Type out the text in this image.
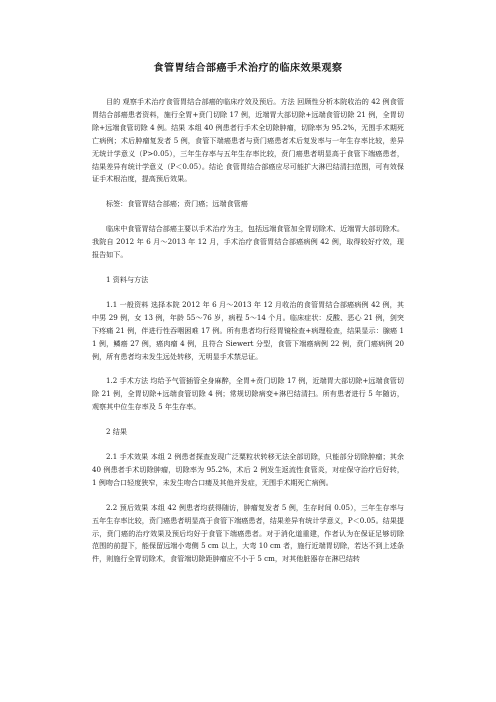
食管胃结合部癌手术治疗的临床效果观察

目的 观察手术治疗食管胃结合部癌的临床疗效及预后。方法 回顾性分析本院收治的 42 例食管胃结合部癌患者资料，施行全胃+贲门切除 17 例，近端胃大部切除+远端食管切除 21 例，全胃切除+远端食管切除 4 例。结果 本组 40 例患者行手术全切除肿瘤，切除率为 95.2%，无围手术期死亡病例；术后肿瘤复发者 5 例，食管下端癌患者与贲门癌患者术后复发率与一年生存率比较，差异无统计学意义（P>0.05），三年生存率与五年生存率比较，贲门癌患者明显高于食管下端癌患者，结果差异有统计学意义（P＜0.05）。结论 食管胃结合部癌应尽可能扩大淋巴结清扫范围，可有效保证手术根治度，提高预后效果。

标签：食管胃结合部癌；贲门癌；远端食管癌

临床中食管胃结合部癌主要以手术治疗为主，包括远端食管加全胃切除术、近端胃大部切除术。我院自 2012 年 6 月～2013 年 12 月，手术治疗食管胃结合部癌病例 42 例，取得较好疗效，现报告如下。

1 资料与方法

1.1 一般资料 选择本院 2012 年 6 月～2013 年 12 月收治的食管胃结合部癌病例 42 例，其中男 29 例，女 13 例，年龄 55～76 岁，病程 5～14 个月。临床症状：反酸、恶心 21 例，剑突下疼痛 21 例，伴进行性吞咽困难 17 例。所有患者均行经胃镜检查+病理检查，结果显示：腺癌 11 例，鳞癌 27 例，癌肉瘤 4 例，且符合 Siewert 分型，食管下端癌病例 22 例，贲门癌病例 20 例，所有患者均未发生远处转移，无明显手术禁忌证。

1.2 手术方法 均给予气管插管全身麻醉，全胃+贲门切除 17 例，近端胃大部切除+远端食管切除 21 例，全胃切除+远端食管切除 4 例；常规切除病变+淋巴结清扫。所有患者进行 5 年随访，观察其中位生存率及 5 年生存率。

2 结果

2.1 手术效果 本组 2 例患者探查发现广泛粟粒状转移无法全部切除，只能部分切除肿瘤；其余 40 例患者手术切除肿瘤，切除率为 95.2%，术后 2 例发生返流性食管炎，对症保守治疗后好转，1 例吻合口轻度狭窄，未发生吻合口瘘及其他并发症，无围手术期死亡病例。

2.2 预后效果 本组 42 例患者均获得随访，肿瘤复发者 5 例，生存时间 0.05），三年生存率与五年生存率比较，贲门癌患者明显高于食管下端癌患者，结果差异有统计学意义，P＜0.05。结果提示，贲门癌的治疗效果及预后均好于食管下端癌患者。对于消化道重建，作者认为在保证足够切除范围的前提下，能保留远端小弯侧 5 cm 以上，大弯 10 cm 者，施行近端胃切除，若达不到上述条件，则施行全胃切除术，食管端切除距肿瘤应不小于 5 cm，对其他脏器存在淋巴结转
